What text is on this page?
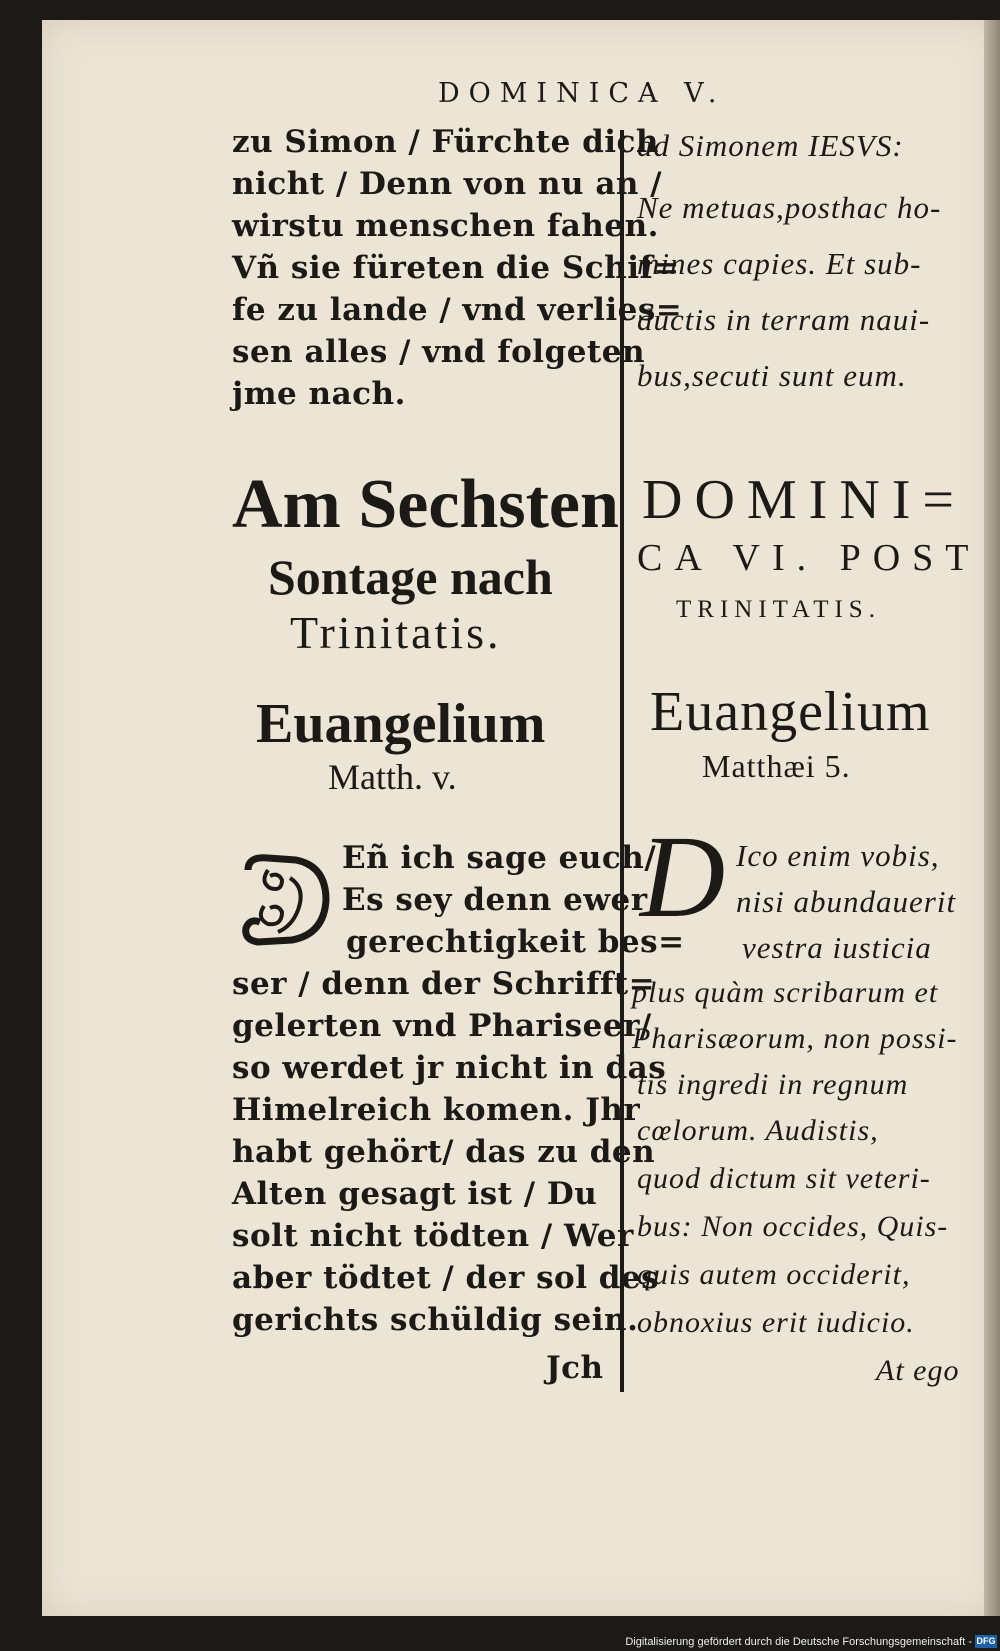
DOMINICA V.

zu Simon / Fürchte dich

nicht / Denn von nu an /

wirstu menschen fahen.

Vñ sie füreten die Schif=

fe zu lande / vnd verlies=

sen alles / vnd folgeten

jme nach.

ad Simonem IESVS:

Ne metuas,posthac ho-

mines capies. Et sub-

ductis in terram naui-

bus,secuti sunt eum.

Am Sechsten

Sontage nach

Trinitatis.

Euangelium

Matth. v.

DOMINI=

CA VI. POST

TRINITATIS.

Euangelium

Matthæi 5.

Eñ ich sage euch/

Es sey denn ewer

gerechtigkeit bes=

ser / denn der Schrifft=

gelerten vnd Phariseer/

so werdet jr nicht in das

Himelreich komen. Jhr

habt gehört/ das zu den

Alten gesagt ist / Du

solt nicht tödten / Wer

aber tödtet / der sol des

gerichts schüldig sein.

Jch

D Ico enim vobis,

nisi abundauerit

vestra iusticia

plus quàm scribarum et

Pharisæorum, non possi-

tis ingredi in regnum

cœlorum. Audistis,

quod dictum sit veteri-

bus: Non occides, Quis-

quis autem occiderit,

obnoxius erit iudicio.

At ego

Digitalisierung gefördert durch die Deutsche Forschungsgemeinschaft - DFG
